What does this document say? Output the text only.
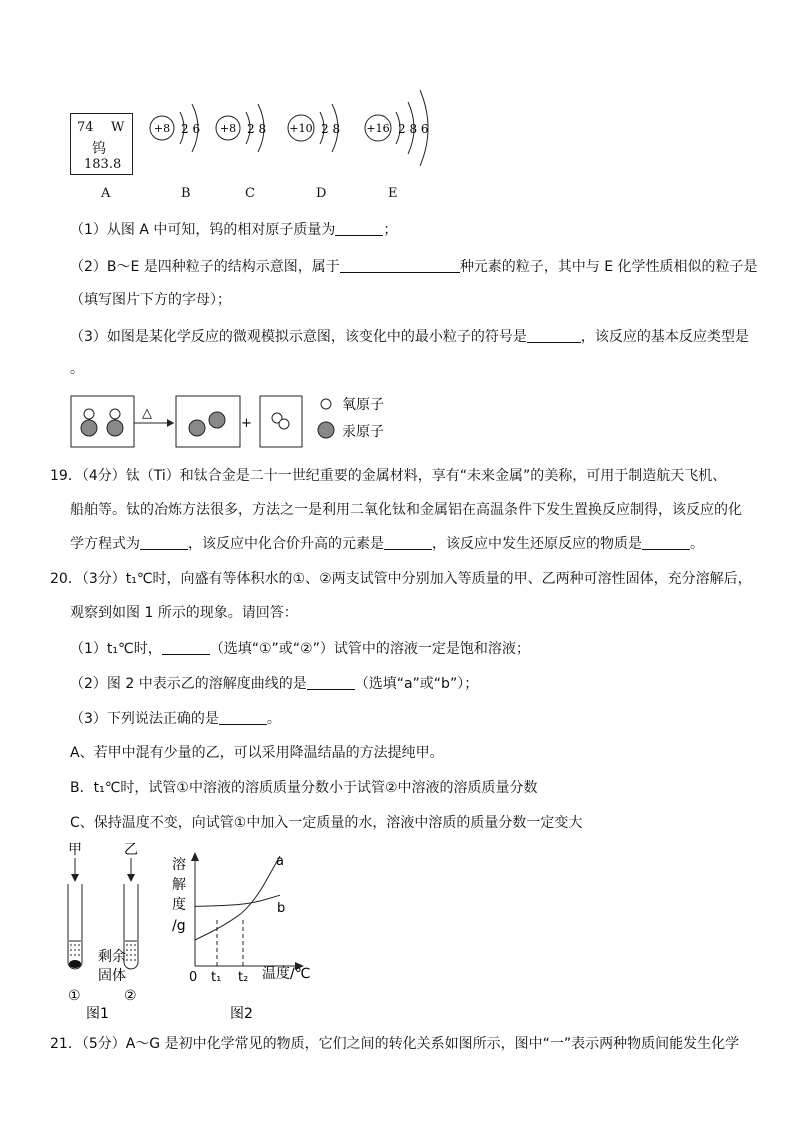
74 W
钨
183.8
A
+8 2 6
B
+8 2 8
C
+10 2 8
D
+16 2 8 6
E
（1）从图 A 中可知，钨的相对原子质量为	；
（2）B～E 是四种粒子的结构示意图，属于	种元素的粒子，其中与 E 化学性质相似的粒子是
（填写图片下方的字母）；
（3）如图是某化学反应的微观模拟示意图，该变化中的最小粒子的符号是	，该反应的基本反应类型是
。
△
+
氧原子
汞原子
19．（4分）钛（Ti）和钛合金是二十一世纪重要的金属材料，享有“未来金属”的美称，可用于制造航天飞机、
船舶等。钛的冶炼方法很多，方法之一是利用二氧化钛和金属铝在高温条件下发生置换反应制得，该反应的化
学方程式为	，该反应中化合价升高的元素是	，该反应中发生还原反应的物质是	。
20．（3分）t₁℃时，向盛有等体积水的①、②两支试管中分别加入等质量的甲、乙两种可溶性固体，充分溶解后，
观察到如图 1 所示的现象。请回答：
（1）t₁℃时，	（选填“①”或“②”）试管中的溶液一定是饱和溶液；
（2）图 2 中表示乙的溶解度曲线的是	（选填“a”或“b”）；
（3）下列说法正确的是	。
A、若甲中混有少量的乙，可以采用降温结晶的方法提纯甲。
B．t₁℃时，试管①中溶液的溶质质量分数小于试管②中溶液的溶质质量分数
C、保持温度不变，向试管①中加入一定质量的水，溶液中溶质的质量分数一定变大
甲	乙
剩余
固体
①	②
图1
溶
解
度
/g
a
b
0 t₁ t₂ 温度/℃
图2
21．（5分）A～G 是初中化学常见的物质，它们之间的转化关系如图所示，图中“一”表示两种物质间能发生化学
